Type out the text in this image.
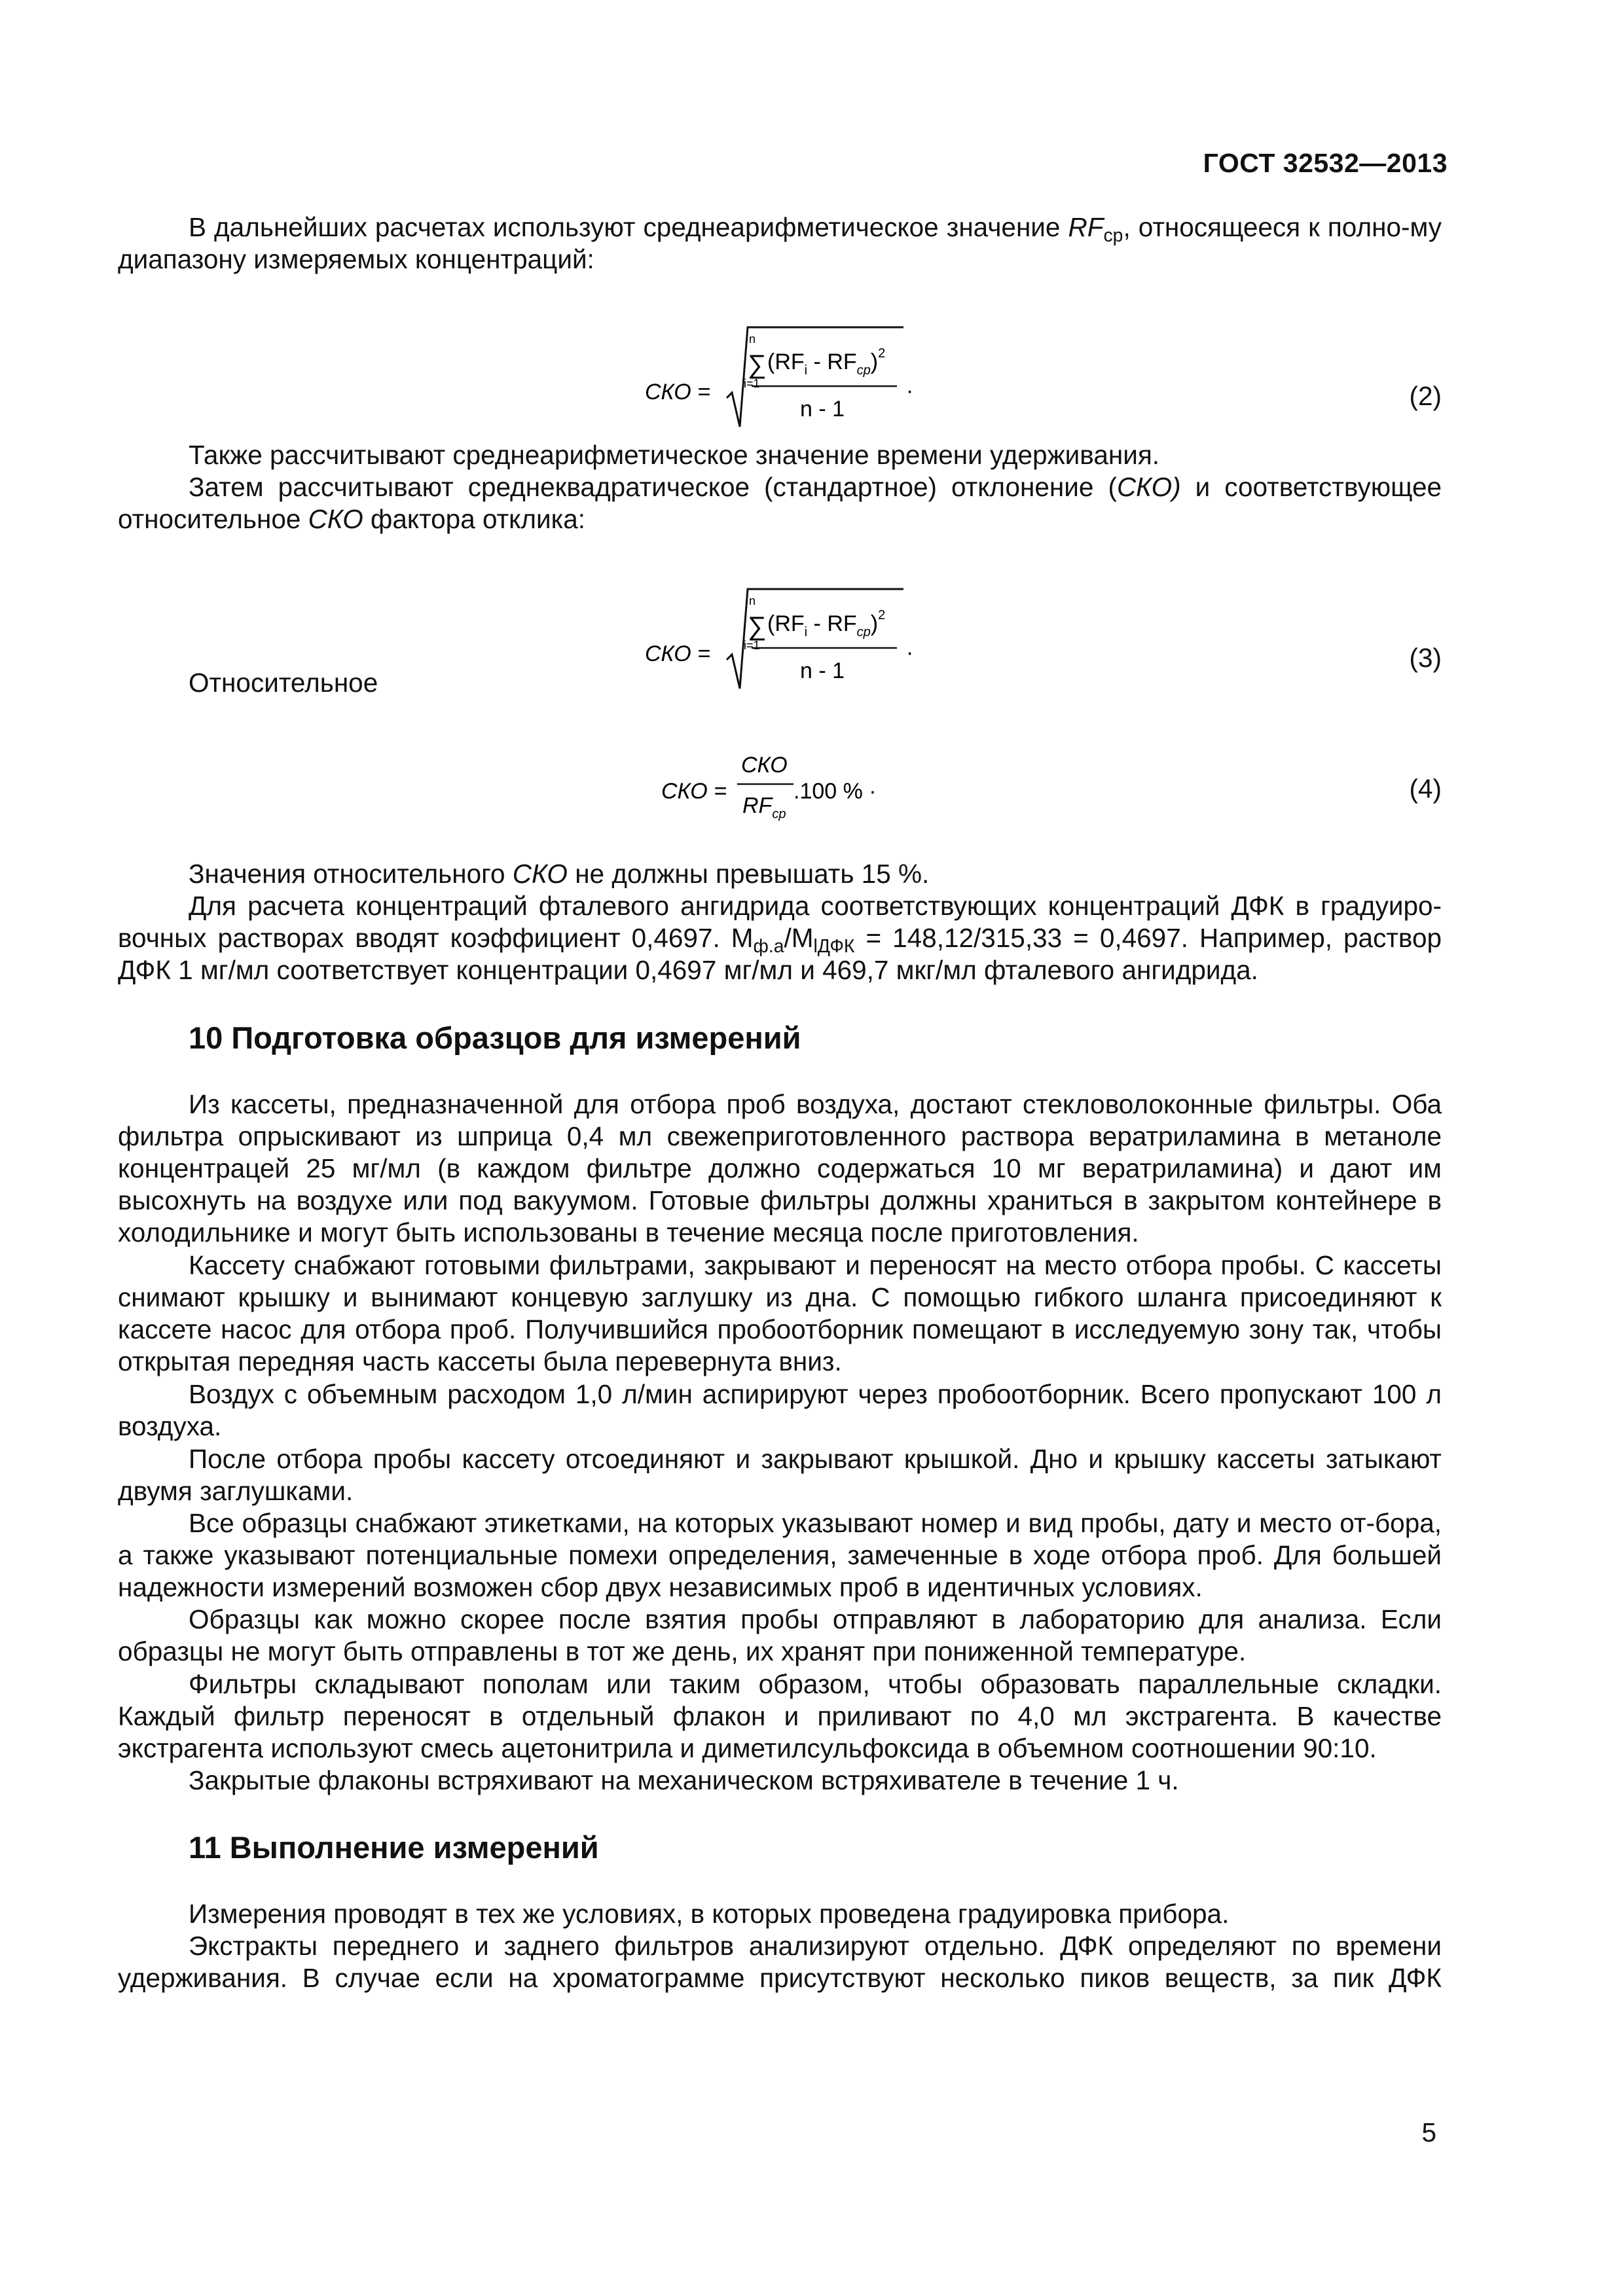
ГОСТ 32532—2013

В дальнейших расчетах используют среднеарифметическое значение $RF_{ср}$, относящееся к полно-му диапазону измеряемых концентраций:

СКО =
∑
n
i=1
$(RF_i - RF_{cp})^2$
n - 1
·	(2)

Также рассчитывают среднеарифметическое значение времени удерживания.

Затем рассчитывают среднеквадратическое (стандартное) отклонение (СКО) и соответствующее относительное СКО фактора отклика:

Относительное
СКО =
∑
n
i=1
$(RF_i - RF_{cp})^2$
n - 1
·	(3)
СКО =
СКО
$RF_{ср}$
.100 % ·	(4)

Значения относительного СКО не должны превышать 15 %.

Для расчета концентраций фталевого ангидрида соответствующих концентраций ДФК в градуиро-вочных растворах вводят коэффициент 0,4697. $М_{ф.а}/М_{lДФК} = 148,12/315,33 = 0,4697$. Например, раствор ДФК 1 мг/мл соответствует концентрации 0,4697 мг/мл и 469,7 мкг/мл фталевого ангидрида.

10 Подготовка образцов для измерений

Из кассеты, предназначенной для отбора проб воздуха, достают стекловолоконные фильтры. Оба фильтра опрыскивают из шприца 0,4 мл свежеприготовленного раствора вератриламина в метаноле концентрацей 25 мг/мл (в каждом фильтре должно содержаться 10 мг вератриламина) и дают им высохнуть на воздухе или под вакуумом. Готовые фильтры должны храниться в закрытом контейнере в холодильнике и могут быть использованы в течение месяца после приготовления.

Кассету снабжают готовыми фильтрами, закрывают и переносят на место отбора пробы. С кассеты снимают крышку и вынимают концевую заглушку из дна. С помощью гибкого шланга присоединяют к кассете насос для отбора проб. Получившийся пробоотборник помещают в исследуемую зону так, чтобы открытая передняя часть кассеты была перевернута вниз.

Воздух с объемным расходом 1,0 л/мин аспирируют через пробоотборник. Всего пропускают 100 л воздуха.

После отбора пробы кассету отсоединяют и закрывают крышкой. Дно и крышку кассеты затыкают двумя заглушками.

Все образцы снабжают этикетками, на которых указывают номер и вид пробы, дату и место от-бора, а также указывают потенциальные помехи определения, замеченные в ходе отбора проб. Для большей надежности измерений возможен сбор двух независимых проб в идентичных условиях.

Образцы как можно скорее после взятия пробы отправляют в лабораторию для анализа. Если образцы не могут быть отправлены в тот же день, их хранят при пониженной температуре.

Фильтры складывают пополам или таким образом, чтобы образовать параллельные складки. Каждый фильтр переносят в отдельный флакон и приливают по 4,0 мл экстрагента. В качестве экстрагента используют смесь ацетонитрила и диметилсульфоксида в объемном соотношении 90:10.

Закрытые флаконы встряхивают на механическом встряхивателе в течение 1 ч.

11 Выполнение измерений

Измерения проводят в тех же условиях, в которых проведена градуировка прибора.

Экстракты переднего и заднего фильтров анализируют отдельно. ДФК определяют по времени удерживания. В случае если на хроматограмме присутствуют несколько пиков веществ, за пик ДФК

5
